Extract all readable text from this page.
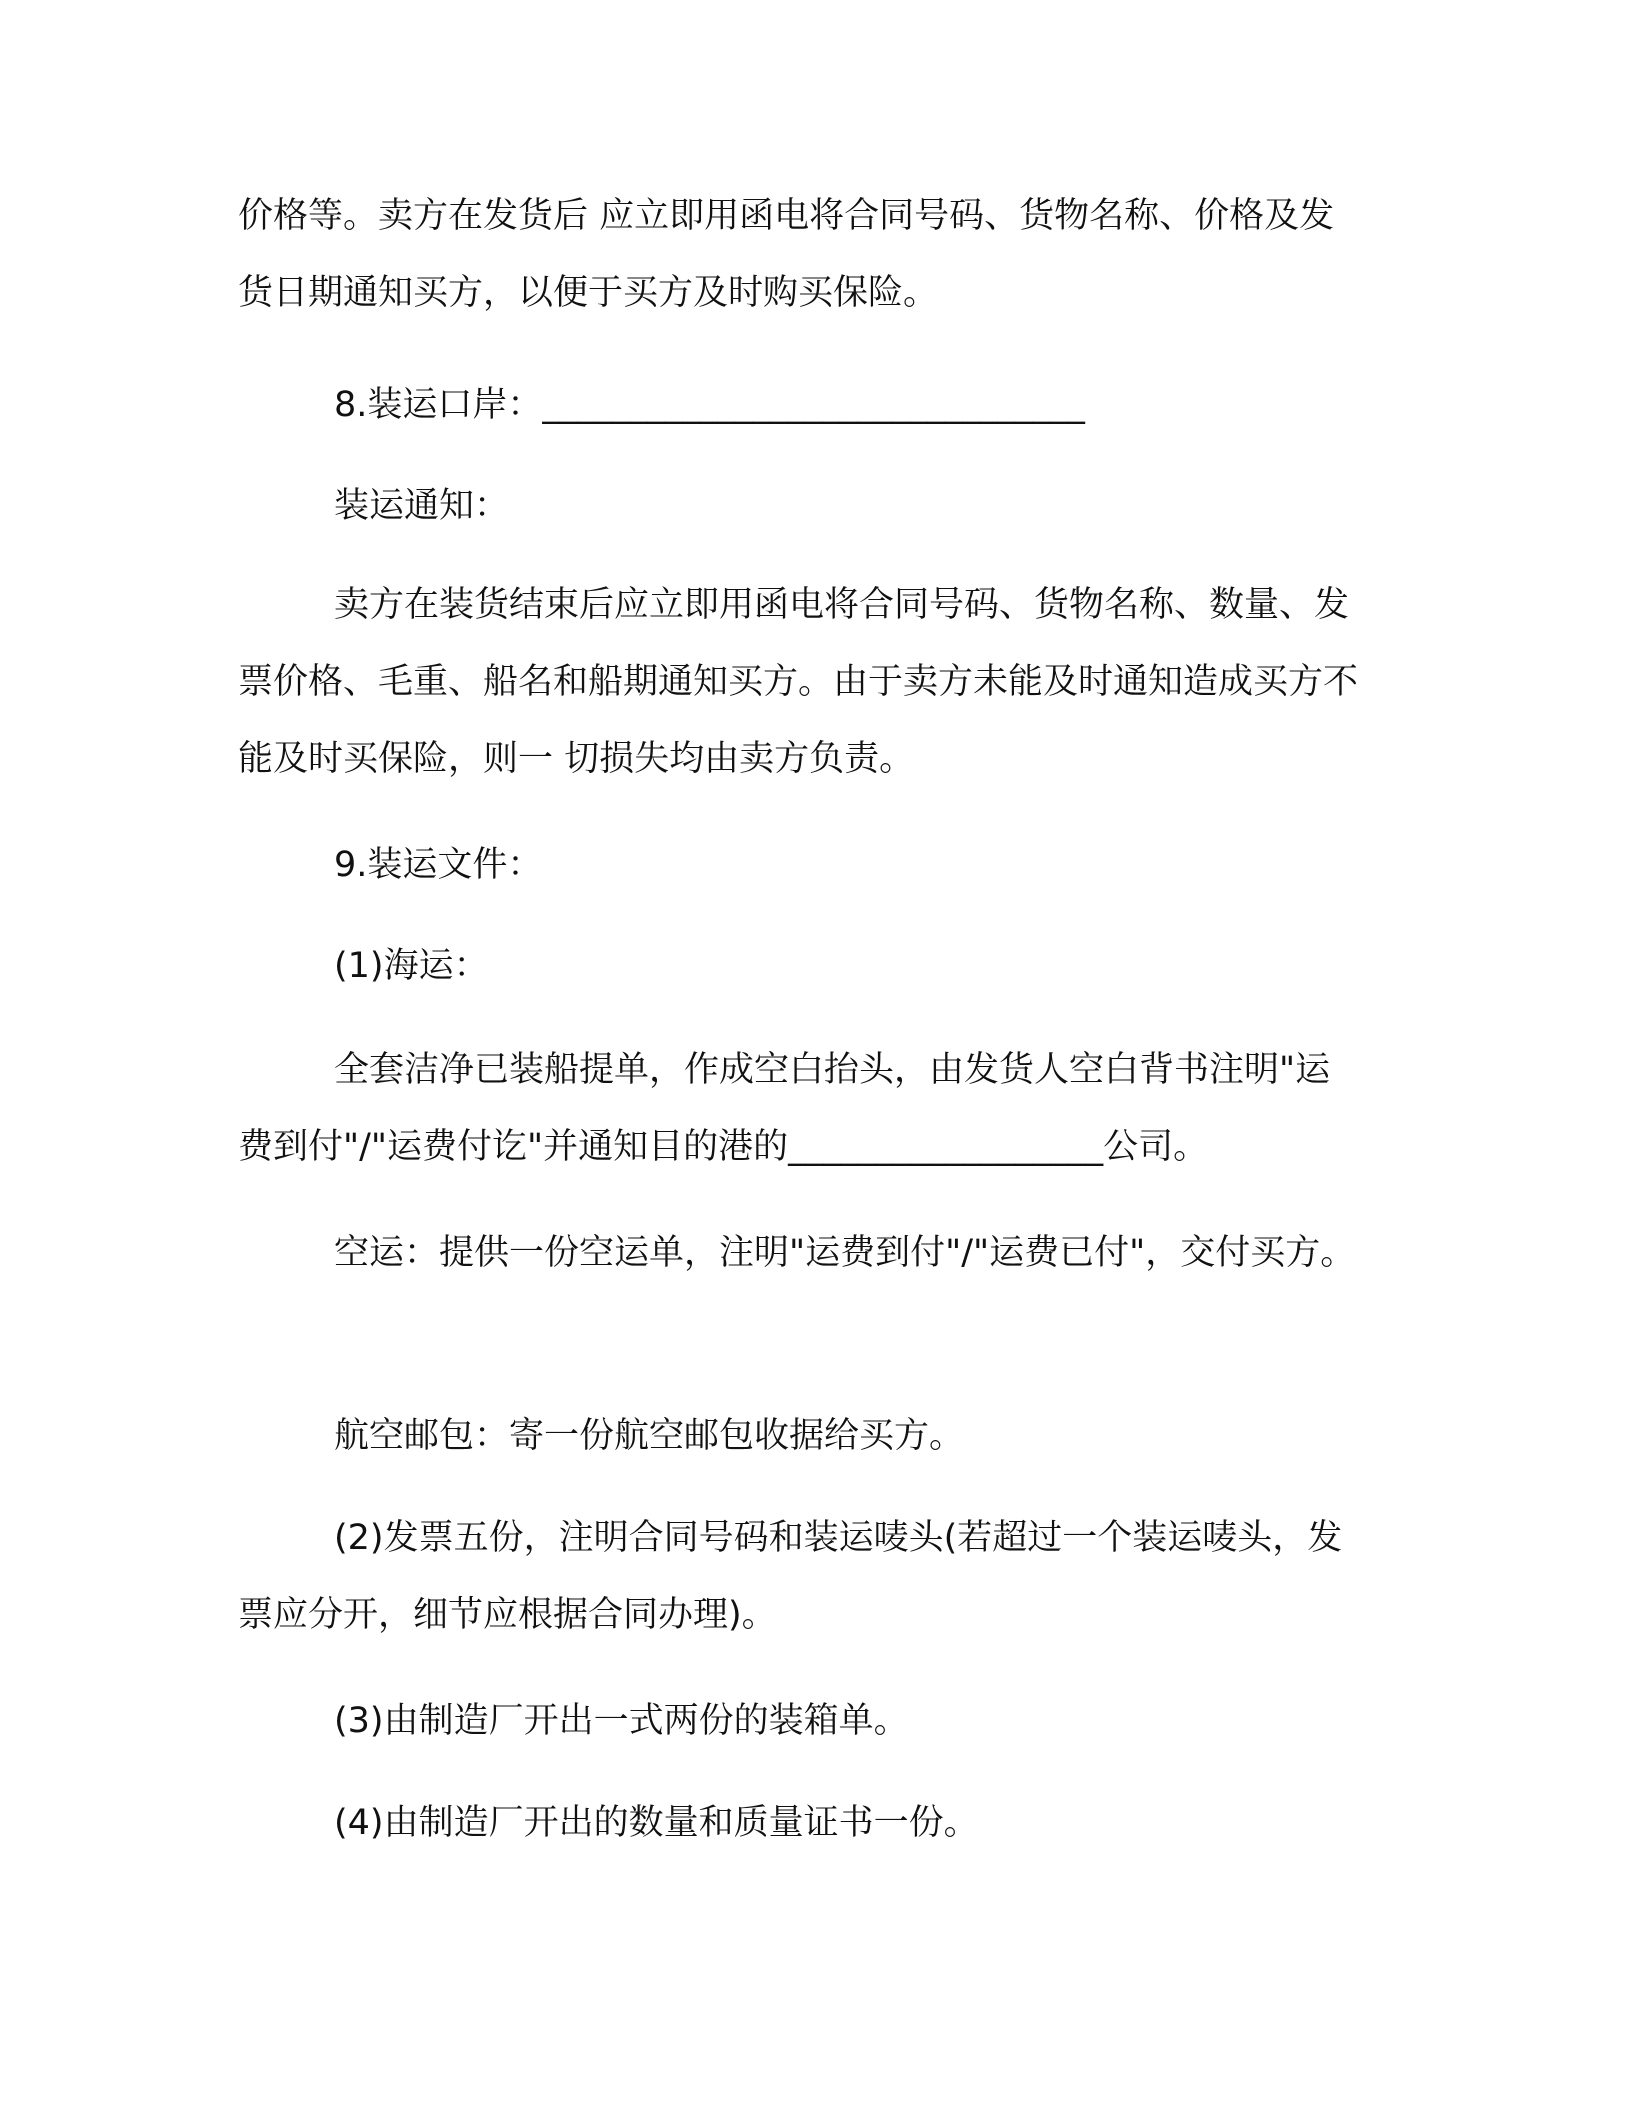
价格等。卖方在发货后 应立即用函电将合同号码、货物名称、价格及发货日期通知买方，以便于买方及时购买保险。

8.装运口岸：_______________________________

装运通知：

卖方在装货结束后应立即用函电将合同号码、货物名称、数量、发票价格、毛重、船名和船期通知买方。由于卖方未能及时通知造成买方不能及时买保险，则一 切损失均由卖方负责。

9.装运文件：

(1)海运：

全套洁净已装船提单，作成空白抬头，由发货人空白背书注明"运费到付"/"运费付讫"并通知目的港的__________________公司。

空运：提供一份空运单，注明"运费到付"/"运费已付"，交付买方。

航空邮包：寄一份航空邮包收据给买方。

(2)发票五份，注明合同号码和装运唛头(若超过一个装运唛头，发票应分开，细节应根据合同办理)。

(3)由制造厂开出一式两份的装箱单。

(4)由制造厂开出的数量和质量证书一份。
